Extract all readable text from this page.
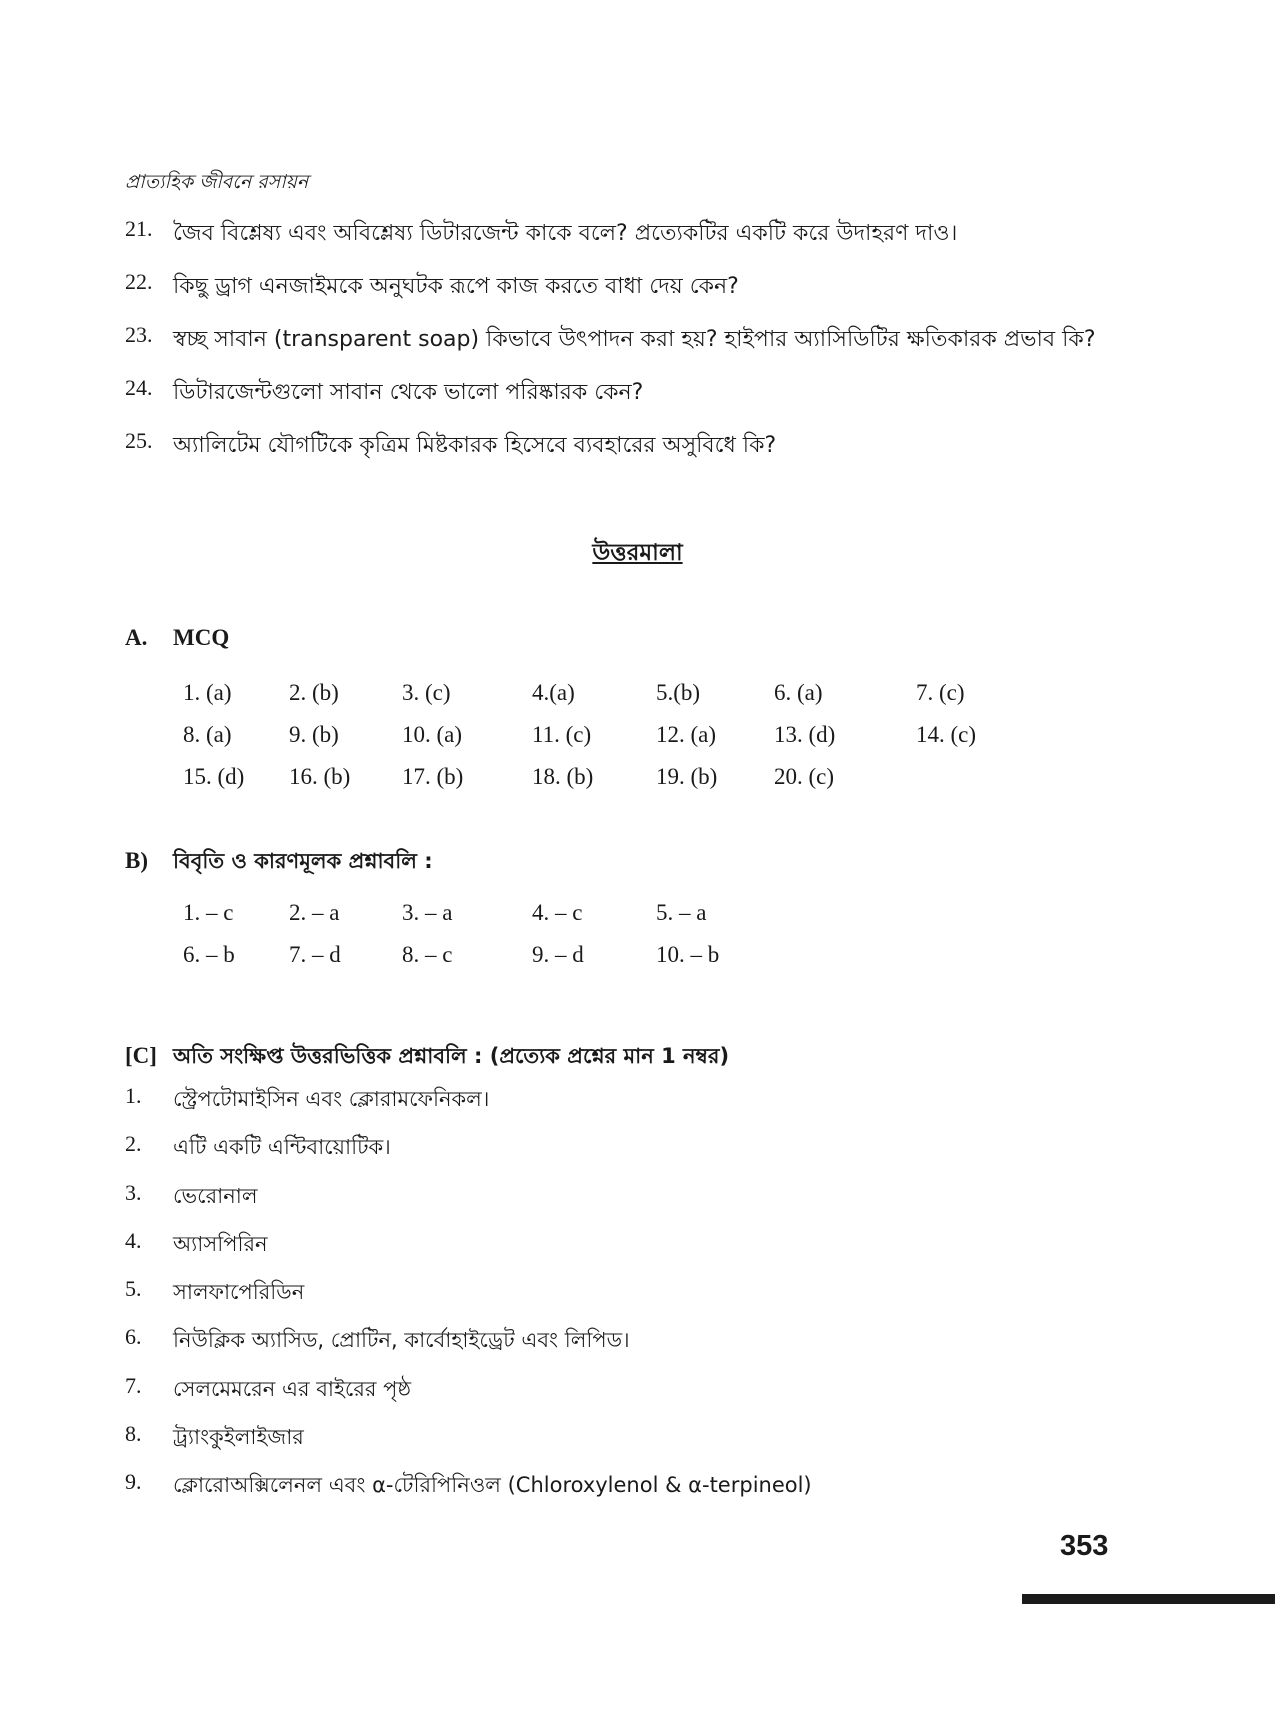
প্রাত্যহিক জীবনে রসায়ন
21. জৈব বিশ্লেষ্য এবং অবিশ্লেষ্য ডিটারজেন্ট কাকে বলে? প্রত্যেকটির একটি করে উদাহরণ দাও।
22. কিছু ড্রাগ এনজাইমকে অনুঘটক রূপে কাজ করতে বাধা দেয় কেন?
23. স্বচ্ছ সাবান (transparent soap) কিভাবে উৎপাদন করা হয়? হাইপার অ্যাসিডিটির ক্ষতিকারক প্রভাব কি?
24. ডিটারজেন্টগুলো সাবান থেকে ভালো পরিষ্কারক কেন?
25. অ্যালিটেম যৌগটিকে কৃত্রিম মিষ্টকারক হিসেবে ব্যবহারের অসুবিধে কি?
উত্তরমালা
A.	MCQ
1. (a)	2. (b)	3. (c)	4.(a)	5.(b)	6. (a)	7. (c)
8. (a)	9. (b)	10. (a)	11. (c)	12. (a)	13. (d)	14. (c)
15. (d)	16. (b)	17. (b)	18. (b)	19. (b)	20. (c)
B)	বিবৃতি ও কারণমূলক প্রশ্নাবলি :
1. – c	2. – a	3. – a	4. – c	5. – a
6. – b	7. – d	8. – c	9. – d	10. – b
[C] অতি সংক্ষিপ্ত উত্তরভিত্তিক প্রশ্নাবলি : (প্রত্যেক প্রশ্নের মান 1 নম্বর)
1.	স্ট্রেপটোমাইসিন এবং ক্লোরামফেনিকল।
2.	এটি একটি এন্টিবায়োটিক।
3.	ভেরোনাল
4.	অ্যাসপিরিন
5.	সালফাপেরিডিন
6.	নিউক্লিক অ্যাসিড, প্রোটিন, কার্বোহাইড্রেট এবং লিপিড।
7.	সেলমেমরেন এর বাইরের পৃষ্ঠ
8.	ট্র্যাংকুইলাইজার
9.	ক্লোরোঅক্সিলেনল এবং α-টেরিপিনিওল (Chloroxylenol & α-terpineol)
353
